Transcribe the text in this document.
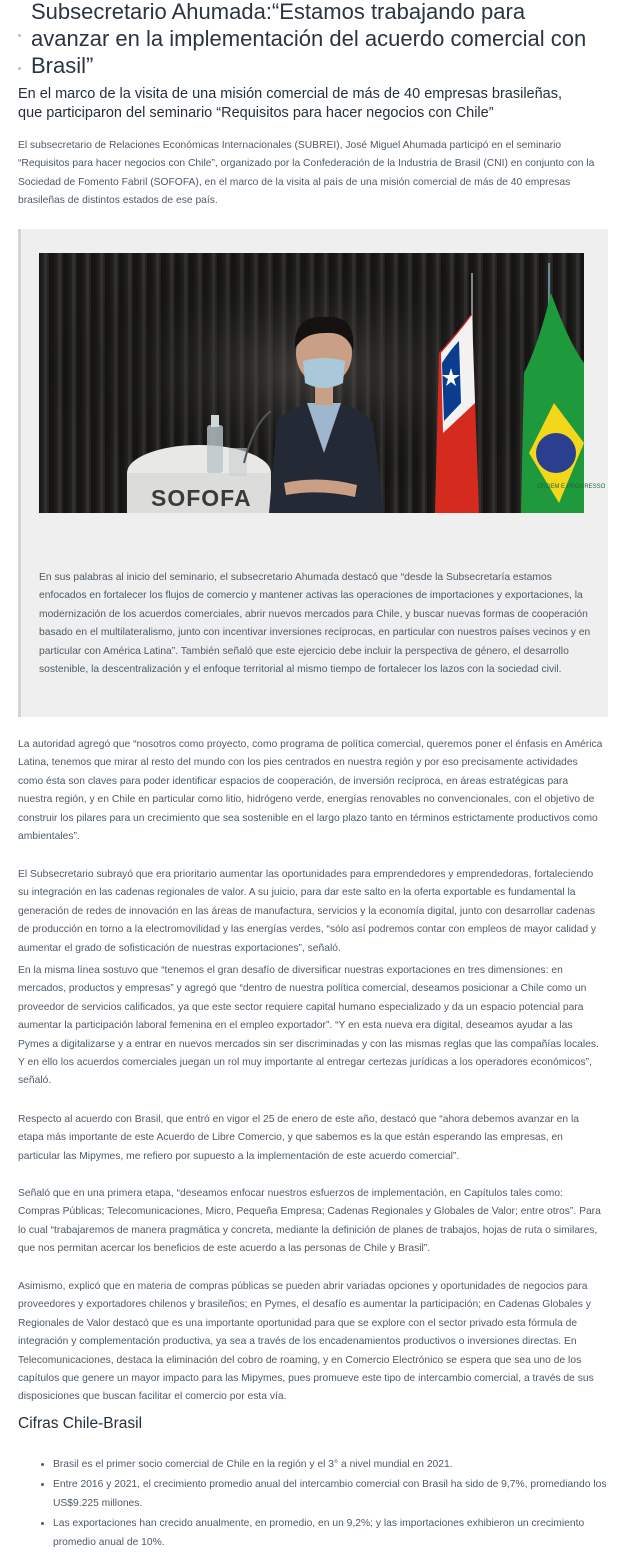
Subsecretario Ahumada:“Estamos trabajando para avanzar en la implementación del acuerdo comercial con Brasil”
En el marco de la visita de una misión comercial de más de 40 empresas brasileñas, que participaron del seminario “Requisitos para hacer negocios con Chile”

El subsecretario de Relaciones Económicas Internacionales (SUBREI), José Miguel Ahumada participó en el seminario “Requisitos para hacer negocios con Chile”, organizado por la Confederación de la Industria de Brasil (CNI) en conjunto con la Sociedad de Fomento Fabril (SOFOFA), en el marco de la visita al país de una misión comercial de más de 40 empresas brasileñas de distintos estados de ese país.

SOFOFA	ORDEM E PROGRESSO

En sus palabras al inicio del seminario, el subsecretario Ahumada destacó que “desde la Subsecretaría estamos enfocados en fortalecer los flujos de comercio y mantener activas las operaciones de importaciones y exportaciones, la modernización de los acuerdos comerciales, abrir nuevos mercados para Chile, y buscar nuevas formas de cooperación basado en el multilateralismo, junto con incentivar inversiones recíprocas, en particular con nuestros países vecinos y en particular con América Latina”. También señaló que este ejercicio debe incluir la perspectiva de género, el desarrollo sostenible, la descentralización y el enfoque territorial al mismo tiempo de fortalecer los lazos con la sociedad civil.

La autoridad agregó que “nosotros como proyecto, como programa de política comercial, queremos poner el énfasis en América Latina, tenemos que mirar al resto del mundo con los pies centrados en nuestra región y por eso precisamente actividades como ésta son claves para poder identificar espacios de cooperación, de inversión recíproca, en áreas estratégicas para nuestra región, y en Chile en particular como litio, hidrógeno verde, energías renovables no convencionales, con el objetivo de construir los pilares para un crecimiento que sea sostenible en el largo plazo tanto en términos estrictamente productivos como ambientales”.

El Subsecretario subrayó que era prioritario aumentar las oportunidades para emprendedores y emprendedoras, fortaleciendo su integración en las cadenas regionales de valor. A su juicio, para dar este salto en la oferta exportable es fundamental la generación de redes de innovación en las áreas de manufactura, servicios y la economía digital, junto con desarrollar cadenas de producción en torno a la electromovilidad y las energías verdes, “sólo así podremos contar con empleos de mayor calidad y aumentar el grado de sofisticación de nuestras exportaciones”, señaló.

En la misma línea sostuvo que “tenemos el gran desafío de diversificar nuestras exportaciones en tres dimensiones: en mercados, productos y empresas” y agregó que “dentro de nuestra política comercial, deseamos posicionar a Chile como un proveedor de servicios calificados, ya que este sector requiere capital humano especializado y da un espacio potencial para aumentar la participación laboral femenina en el empleo exportador”. “Y en esta nueva era digital, deseamos ayudar a las Pymes a digitalizarse y a entrar en nuevos mercados sin ser discriminadas y con las mismas reglas que las compañías locales. Y en ello los acuerdos comerciales juegan un rol muy importante al entregar certezas jurídicas a los operadores económicos”, señaló.

Respecto al acuerdo con Brasil, que entró en vigor el 25 de enero de este año, destacó que “ahora debemos avanzar en la etapa más importante de este Acuerdo de Libre Comercio, y que sabemos es la que están esperando las empresas, en particular las Mipymes, me refiero por supuesto a la implementación de este acuerdo comercial”.

Señaló que en una primera etapa, “deseamos enfocar nuestros esfuerzos de implementación, en Capítulos tales como: Compras Públicas; Telecomunicaciones, Micro, Pequeña Empresa; Cadenas Regionales y Globales de Valor; entre otros”. Para lo cual “trabajaremos de manera pragmática y concreta, mediante la definición de planes de trabajos, hojas de ruta o similares, que nos permitan acercar los beneficios de este acuerdo a las personas de Chile y Brasil”.

Asimismo, explicó que en materia de compras públicas se pueden abrir variadas opciones y oportunidades de negocios para proveedores y exportadores chilenos y brasileños; en Pymes, el desafío es aumentar la participación; en Cadenas Globales y Regionales de Valor destacó que es una importante oportunidad para que se explore con el sector privado esta fórmula de integración y complementación productiva, ya sea a través de los encadenamientos productivos o inversiones directas. En Telecomunicaciones, destaca la eliminación del cobro de roaming, y en Comercio Electrónico se espera que sea uno de los capítulos que genere un mayor impacto para las Mipymes, pues promueve este tipo de intercambio comercial, a través de sus disposiciones que buscan facilitar el comercio por esta vía.

Cifras Chile-Brasil
Brasil es el primer socio comercial de Chile en la región y el 3° a nivel mundial en 2021.
Entre 2016 y 2021, el crecimiento promedio anual del intercambio comercial con Brasil ha sido de 9,7%, promediando los US$9.225 millones.
Las exportaciones han crecido anualmente, en promedio, en un 9,2%; y las importaciones exhibieron un crecimiento promedio anual de 10%.
